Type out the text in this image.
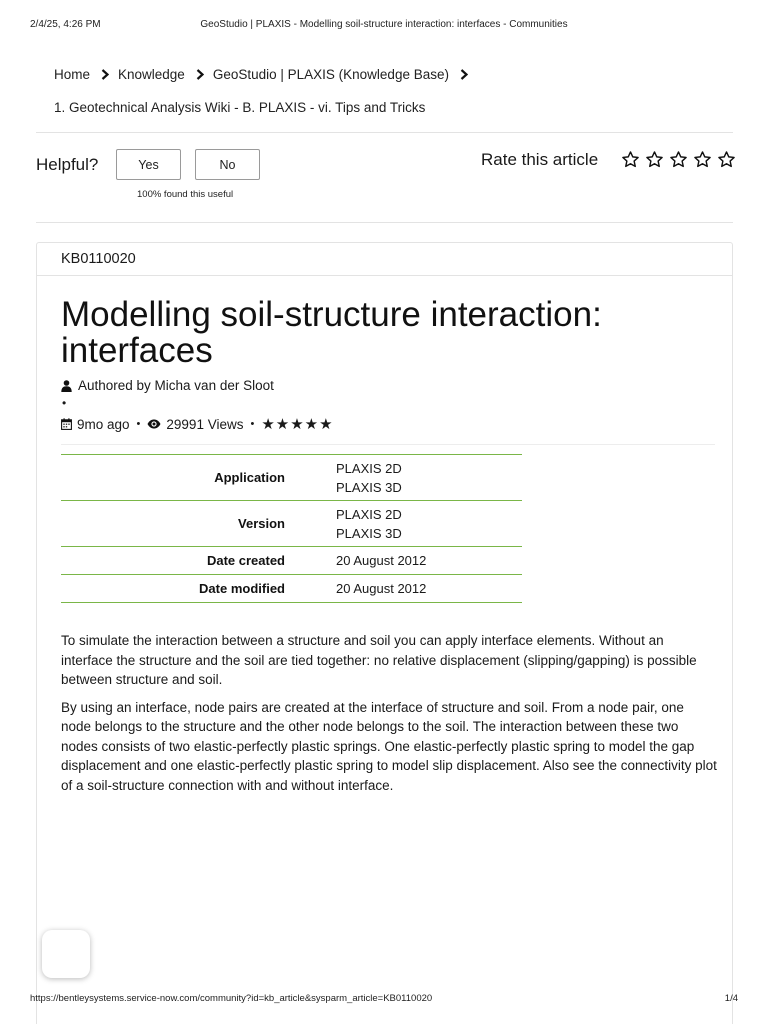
2/4/25, 4:26 PM	GeoStudio | PLAXIS - Modelling soil-structure interaction: interfaces - Communities
Home Knowledge GeoStudio | PLAXIS (Knowledge Base)
1. Geotechnical Analysis Wiki - B. PLAXIS - vi. Tips and Tricks
Helpful?	Yes	No
100% found this useful
Rate this article
KB0110020
Modelling soil-structure interaction: interfaces
Authored by Micha van der Sloot
•
9mo ago • 29991 Views • ★★★★★
Application	PLAXIS 2D
PLAXIS 3D

Version	PLAXIS 2D
PLAXIS 3D

Date created	20 August 2012
Date modified	20 August 2012

To simulate the interaction between a structure and soil you can apply interface elements. Without an interface the structure and the soil are tied together: no relative displacement (slipping/gapping) is possible between structure and soil.

By using an interface, node pairs are created at the interface of structure and soil. From a node pair, one node belongs to the structure and the other node belongs to the soil. The interaction between these two nodes consists of two elastic-perfectly plastic springs. One elastic-perfectly plastic spring to model the gap displacement and one elastic-perfectly plastic spring to model slip displacement. Also see the connectivity plot of a soil-structure connection with and without interface.

https://bentleysystems.service-now.com/community?id=kb_article&sysparm_article=KB0110020	1/4
